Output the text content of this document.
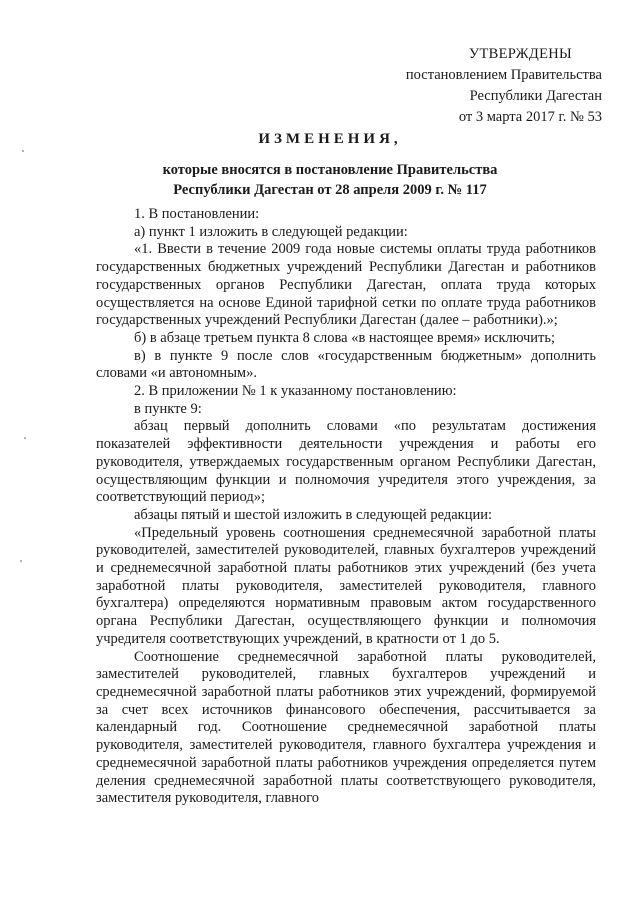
УТВЕРЖДЕНЫ
постановлением Правительства
Республики Дагестан
от 3 марта 2017 г. № 53
ИЗМЕНЕНИЯ,
которые вносятся в постановление Правительства
Республики Дагестан от 28 апреля 2009 г. № 117

1. В постановлении:

а) пункт 1 изложить в следующей редакции:

«1. Ввести в течение 2009 года новые системы оплаты труда работников государственных бюджетных учреждений Республики Дагестан и работников государственных органов Республики Дагестан, оплата труда которых осуществляется на основе Единой тарифной сетки по оплате труда работников государственных учреждений Республики Дагестан (далее – работники).»;

б) в абзаце третьем пункта 8 слова «в настоящее время» исключить;

в) в пункте 9 после слов «государственным бюджетным» дополнить словами «и автономным».

2. В приложении № 1 к указанному постановлению:

в пункте 9:

абзац первый дополнить словами «по результатам достижения показателей эффективности деятельности учреждения и работы его руководителя, утверждаемых государственным органом Республики Дагестан, осуществляющим функции и полномочия учредителя этого учреждения, за соответствующий период»;

абзацы пятый и шестой изложить в следующей редакции:

«Предельный уровень соотношения среднемесячной заработной платы руководителей, заместителей руководителей, главных бухгалтеров учреждений и среднемесячной заработной платы работников этих учреждений (без учета заработной платы руководителя, заместителей руководителя, главного бухгалтера) определяются нормативным правовым актом государственного органа Республики Дагестан, осуществляющего функции и полномочия учредителя соответствующих учреждений, в кратности от 1 до 5.

Соотношение среднемесячной заработной платы руководителей, заместителей руководителей, главных бухгалтеров учреждений и среднемесячной заработной платы работников этих учреждений, формируемой за счет всех источников финансового обеспечения, рассчитывается за календарный год. Соотношение среднемесячной заработной платы руководителя, заместителей руководителя, главного бухгалтера учреждения и среднемесячной заработной платы работников учреждения определяется путем деления среднемесячной заработной платы соответствующего руководителя, заместителя руководителя, главного
